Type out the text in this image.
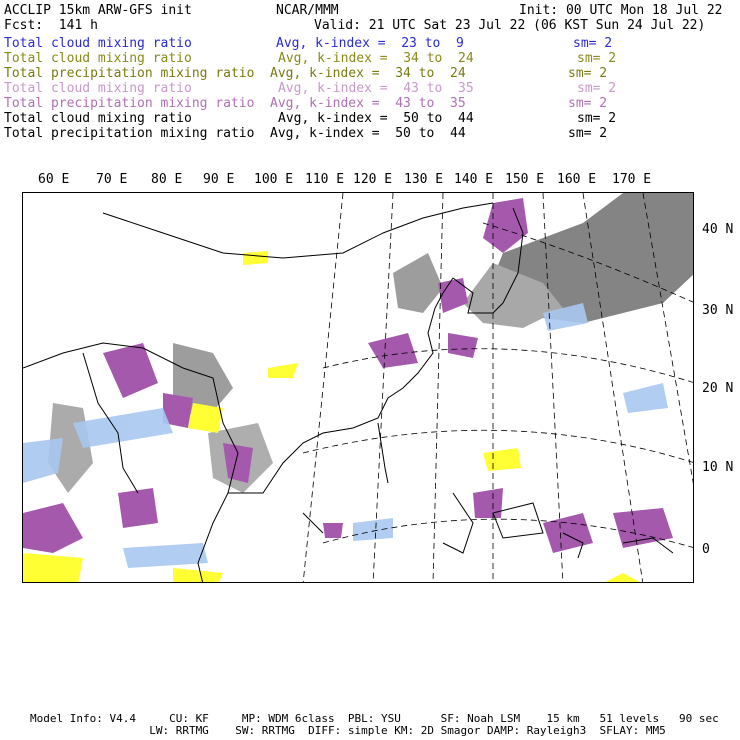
ACCLIP 15km ARW-GFS init	NCAR/MMM	Init: 00 UTC Mon 18 Jul 22
Fcst:  141 h	Valid: 21 UTC Sat 23 Jul 22 (06 KST Sun 24 Jul 22)
Total cloud mixing ratio	Avg, k-index =  23 to  9	sm= 2
Total cloud mixing ratio	Avg, k-index =  34 to  24	sm= 2
Total precipitation mixing ratio Avg, k-index =  34 to  24	sm= 2
Total cloud mixing ratio	Avg, k-index =  43 to  35	sm= 2
Total precipitation mixing ratio Avg, k-index =  43 to  35	sm= 2
Total cloud mixing ratio	Avg, k-index =  50 to  44	sm= 2
Total precipitation mixing ratio Avg, k-index =  50 to  44	sm= 2
60 E 70 E 80 E 90 E 100 E 110 E 120 E 130 E 140 E 150 E 160 E 170 E
40 N
30 N
20 N
10 N
0
Model Info: V4.4     CU: KF     MP: WDM 6class  PBL: YSU      SF: Noah LSM    15 km   51 levels   90 sec
LW: RRTMG    SW: RRTMG  DIFF: simple KM: 2D Smagor DAMP: Rayleigh3  SFLAY: MM5
